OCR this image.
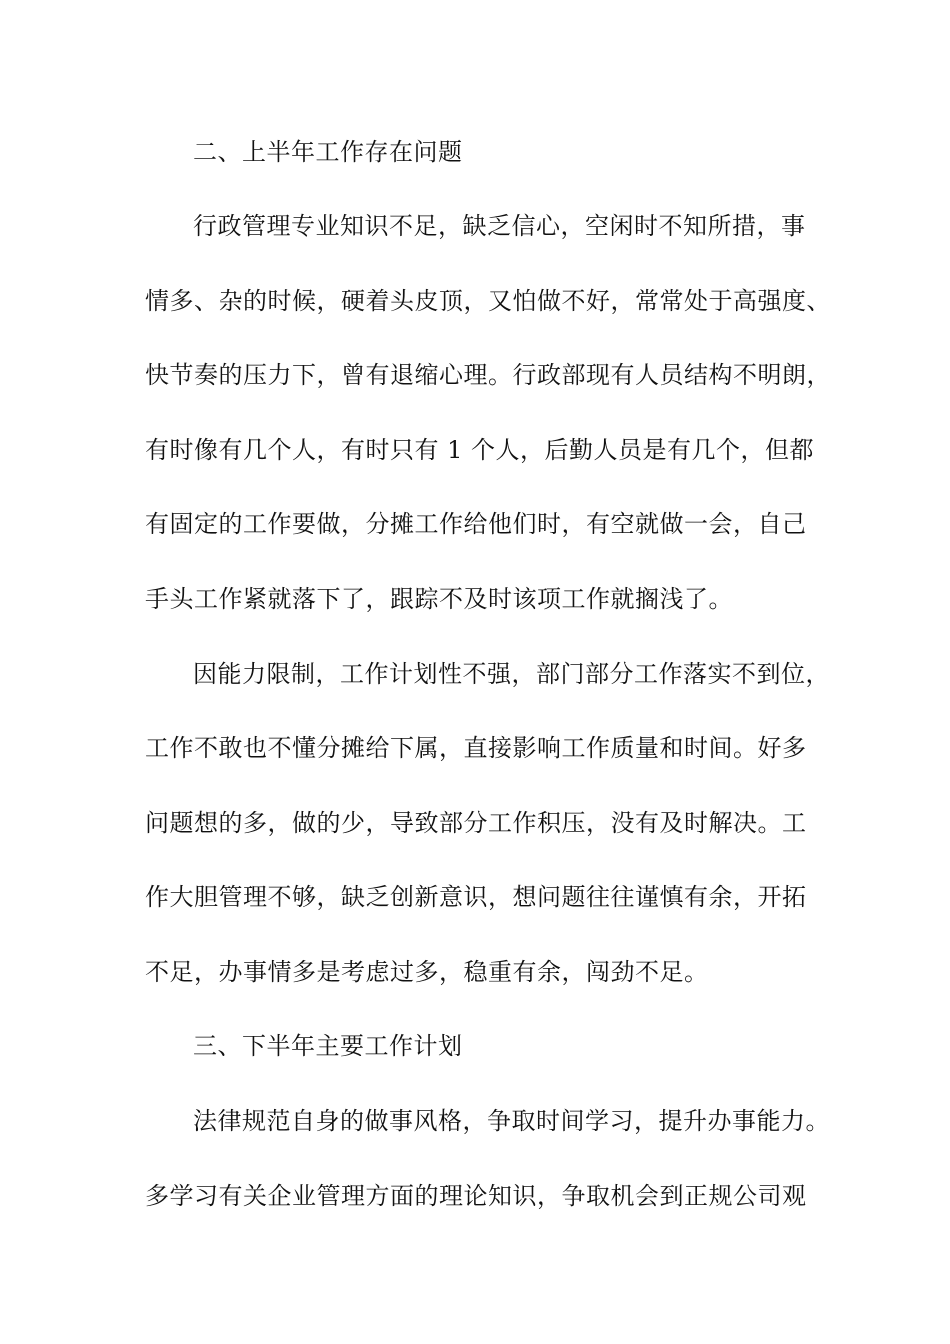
二、上半年工作存在问题
行政管理专业知识不足，缺乏信心，空闲时不知所措，事
情多、杂的时候，硬着头皮顶，又怕做不好，常常处于高强度、
快节奏的压力下，曾有退缩心理。行政部现有人员结构不明朗，
有时像有几个人，有时只有 1 个人，后勤人员是有几个，但都
有固定的工作要做，分摊工作给他们时，有空就做一会，自己
手头工作紧就落下了，跟踪不及时该项工作就搁浅了。
因能力限制，工作计划性不强，部门部分工作落实不到位，
工作不敢也不懂分摊给下属，直接影响工作质量和时间。好多
问题想的多，做的少，导致部分工作积压，没有及时解决。工
作大胆管理不够，缺乏创新意识，想问题往往谨慎有余，开拓
不足，办事情多是考虑过多，稳重有余，闯劲不足。
三、下半年主要工作计划
法律规范自身的做事风格，争取时间学习，提升办事能力。
多学习有关企业管理方面的理论知识，争取机会到正规公司观
